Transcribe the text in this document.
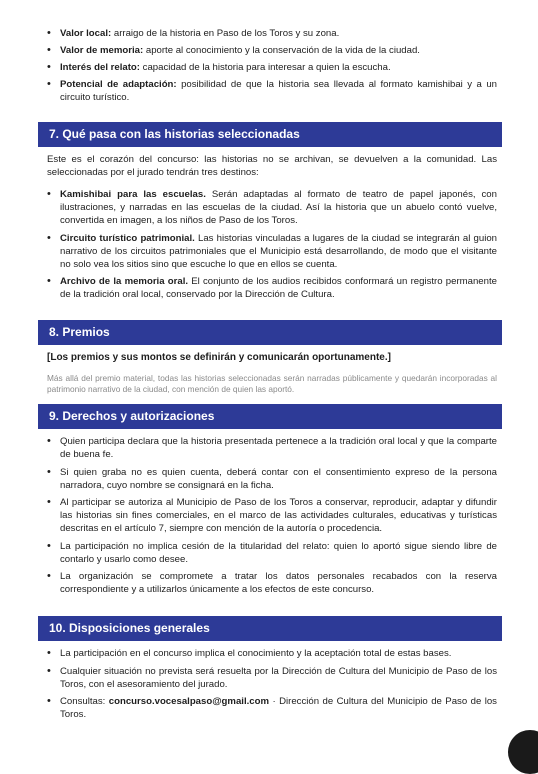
• Valor local: arraigo de la historia en Paso de los Toros y su zona.
• Valor de memoria: aporte al conocimiento y la conservación de la vida de la ciudad.
• Interés del relato: capacidad de la historia para interesar a quien la escucha.
• Potencial de adaptación: posibilidad de que la historia sea llevada al formato kamishibai y a un circuito turístico.
7. Qué pasa con las historias seleccionadas
Este es el corazón del concurso: las historias no se archivan, se devuelven a la comunidad. Las seleccionadas por el jurado tendrán tres destinos:
• Kamishibai para las escuelas. Serán adaptadas al formato de teatro de papel japonés, con ilustraciones, y narradas en las escuelas de la ciudad. Así la historia que un abuelo contó vuelve, convertida en imagen, a los niños de Paso de los Toros.
• Circuito turístico patrimonial. Las historias vinculadas a lugares de la ciudad se integrarán al guion narrativo de los circuitos patrimoniales que el Municipio está desarrollando, de modo que el visitante no solo vea los sitios sino que escuche lo que en ellos se cuenta.
• Archivo de la memoria oral. El conjunto de los audios recibidos conformará un registro permanente de la tradición oral local, conservado por la Dirección de Cultura.
8. Premios
[Los premios y sus montos se definirán y comunicarán oportunamente.]
Más allá del premio material, todas las historias seleccionadas serán narradas públicamente y quedarán incorporadas al patrimonio narrativo de la ciudad, con mención de quien las aportó.
9. Derechos y autorizaciones
• Quien participa declara que la historia presentada pertenece a la tradición oral local y que la comparte de buena fe.
• Si quien graba no es quien cuenta, deberá contar con el consentimiento expreso de la persona narradora, cuyo nombre se consignará en la ficha.
• Al participar se autoriza al Municipio de Paso de los Toros a conservar, reproducir, adaptar y difundir las historias sin fines comerciales, en el marco de las actividades culturales, educativas y turísticas descritas en el artículo 7, siempre con mención de la autoría o procedencia.
• La participación no implica cesión de la titularidad del relato: quien lo aportó sigue siendo libre de contarlo y usarlo como desee.
• La organización se compromete a tratar los datos personales recabados con la reserva correspondiente y a utilizarlos únicamente a los efectos de este concurso.
10. Disposiciones generales
• La participación en el concurso implica el conocimiento y la aceptación total de estas bases.
• Cualquier situación no prevista será resuelta por la Dirección de Cultura del Municipio de Paso de los Toros, con el asesoramiento del jurado.
• Consultas: concurso.vocesalpaso@gmail.com · Dirección de Cultura del Municipio de Paso de los Toros.
